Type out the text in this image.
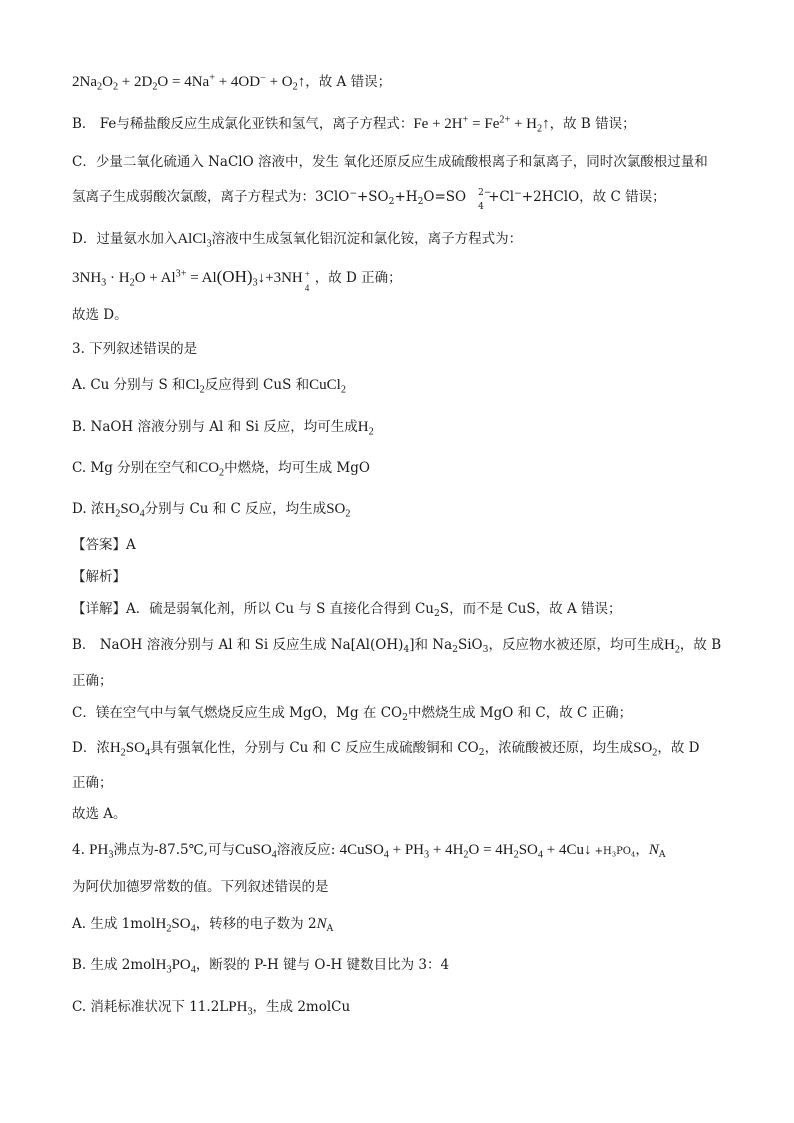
$2Na_2O_2 + 2D_2O = 4Na^+ + 4OD^-$ + $O_2↑$，故 A 错误；
B． Fe与稀盐酸反应生成氯化亚铁和氢气，离子方程式：$Fe + 2H^+ = Fe^{2+}$ + $H_2↑$，故 B 错误；
C．少量二氧化硫通入 NaClO 溶液中，发生 氧化还原反应生成硫酸根离子和氯离子，同时次氯酸根过量和
氢离子生成弱酸次氯酸，离子方程式为：$3ClO^-+SO_2+H_2O=SO$ 2−
4
+Cl−+2HClO，故 C 错误；
D．过量氨水加入AlCl$_3$溶液中生成氢氧化铝沉淀和氯化铵，离子方程式为：
$3NH_3 \cdot H_2O + Al^{3+}$ = $Al(OH)_3↓+3NH$ +
4
，故 D 正确；
故选 D。
3. 下列叙述错误的是
A. Cu 分别与 S 和$Cl_2$反应得到 CuS 和CuCl$_2$
B. NaOH 溶液分别与 Al 和 Si 反应，均可生成$H_2$
C. Mg 分别在空气和$CO_2$中燃烧，均可生成 MgO
D. 浓$H_2SO_4$分别与 Cu 和 C 反应，均生成$SO_2$
【答案】A
【解析】
【详解】A．硫是弱氧化剂，所以 Cu 与 S 直接化合得到 $Cu_2S$，而不是 CuS，故 A 错误；
B． NaOH 溶液分别与 Al 和 Si 反应生成 $Na[Al(OH)_4]$和 $Na_2SiO_3$，反应物水被还原，均可生成$H_2$，故 B
正确；
C．镁在空气中与氧气燃烧反应生成 MgO，Mg 在 $CO_2$中燃烧生成 MgO 和 C，故 C 正确；
D．浓$H_2SO_4$具有强氧化性，分别与 Cu 和 C 反应生成硫酸铜和 $CO_2$，浓硫酸被还原，均生成$SO_2$，故 D
正确；
故选 A。
4. $PH_3$沸点为-87.5℃,可与CuSO$_4$溶液反应: 4CuSO$_4$ + $PH_3 + 4H_2O = 4H_2SO_4$ + 4Cu↓ $+H_3PO_4$，$N_A$
为阿伏加德罗常数的值。下列叙述错误的是
A. 生成 $1molH_2SO_4$，转移的电子数为 $2N_A$
B. 生成 $2molH_3PO_4$，断裂的 P-H 键与 O-H 键数目比为 3：4
C. 消耗标准状况下 $11.2LPH_3$，生成 2molCu
